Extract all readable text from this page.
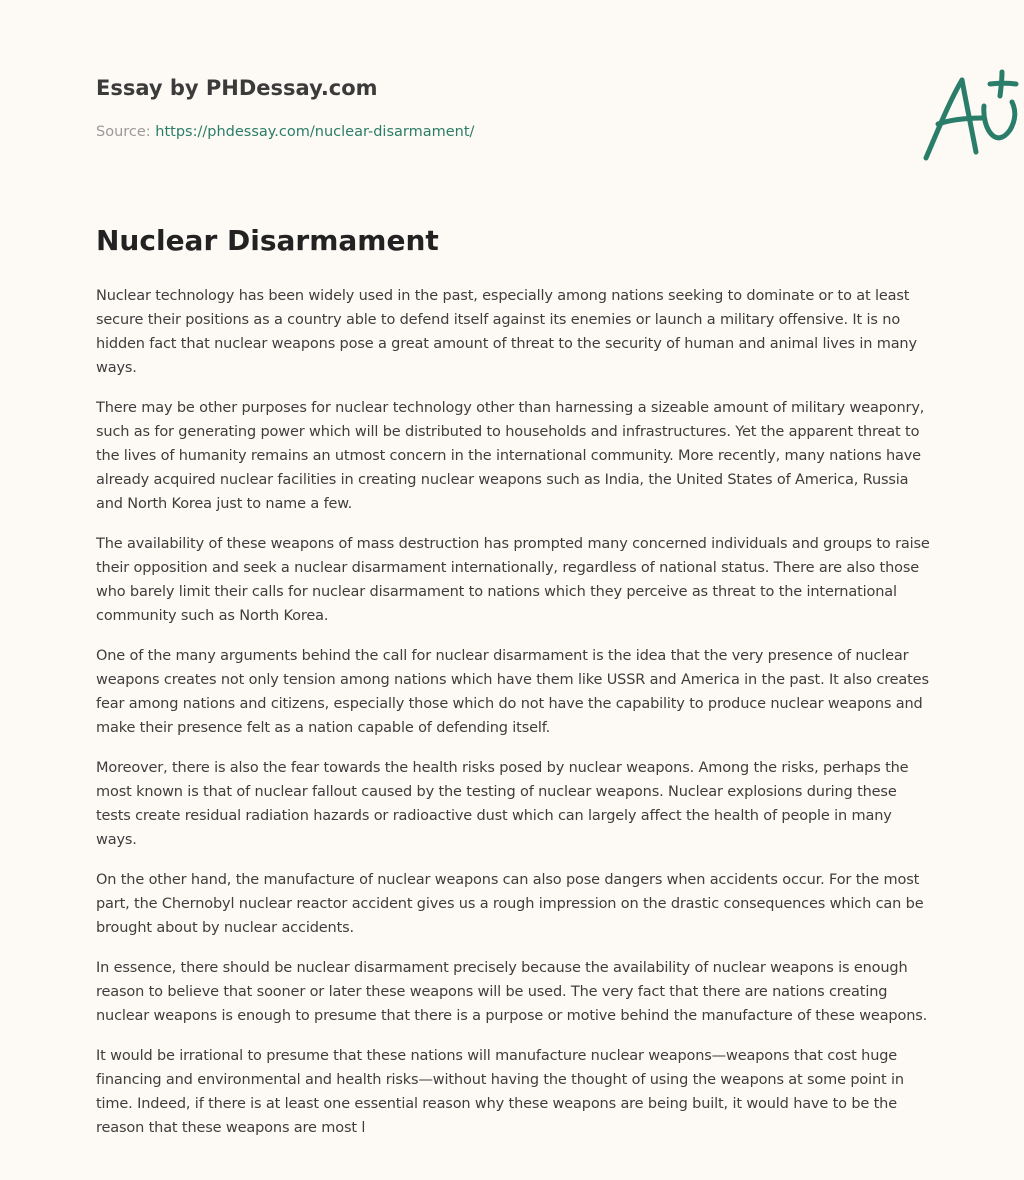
Essay by PHDessay.com
Source: https://phdessay.com/nuclear-disarmament/
Nuclear Disarmament

Nuclear technology has been widely used in the past, especially among nations seeking to dominate or to at least secure their positions as a country able to defend itself against its enemies or launch a military offensive. It is no hidden fact that nuclear weapons pose a great amount of threat to the security of human and animal lives in many ways.

There may be other purposes for nuclear technology other than harnessing a sizeable amount of military weaponry, such as for generating power which will be distributed to households and infrastructures. Yet the apparent threat to the lives of humanity remains an utmost concern in the international community. More recently, many nations have already acquired nuclear facilities in creating nuclear weapons such as India, the United States of America, Russia and North Korea just to name a few.

The availability of these weapons of mass destruction has prompted many concerned individuals and groups to raise their opposition and seek a nuclear disarmament internationally, regardless of national status. There are also those who barely limit their calls for nuclear disarmament to nations which they perceive as threat to the international community such as North Korea.

One of the many arguments behind the call for nuclear disarmament is the idea that the very presence of nuclear weapons creates not only tension among nations which have them like USSR and America in the past. It also creates fear among nations and citizens, especially those which do not have the capability to produce nuclear weapons and make their presence felt as a nation capable of defending itself.

Moreover, there is also the fear towards the health risks posed by nuclear weapons. Among the risks, perhaps the most known is that of nuclear fallout caused by the testing of nuclear weapons. Nuclear explosions during these tests create residual radiation hazards or radioactive dust which can largely affect the health of people in many ways.

On the other hand, the manufacture of nuclear weapons can also pose dangers when accidents occur. For the most part, the Chernobyl nuclear reactor accident gives us a rough impression on the drastic consequences which can be brought about by nuclear accidents.

In essence, there should be nuclear disarmament precisely because the availability of nuclear weapons is enough reason to believe that sooner or later these weapons will be used. The very fact that there are nations creating nuclear weapons is enough to presume that there is a purpose or motive behind the manufacture of these weapons.

It would be irrational to presume that these nations will manufacture nuclear weapons—weapons that cost huge financing and environmental and health risks—without having the thought of using the weapons at some point in time. Indeed, if there is at least one essential reason why these weapons are being built, it would have to be the reason that these weapons are most l
